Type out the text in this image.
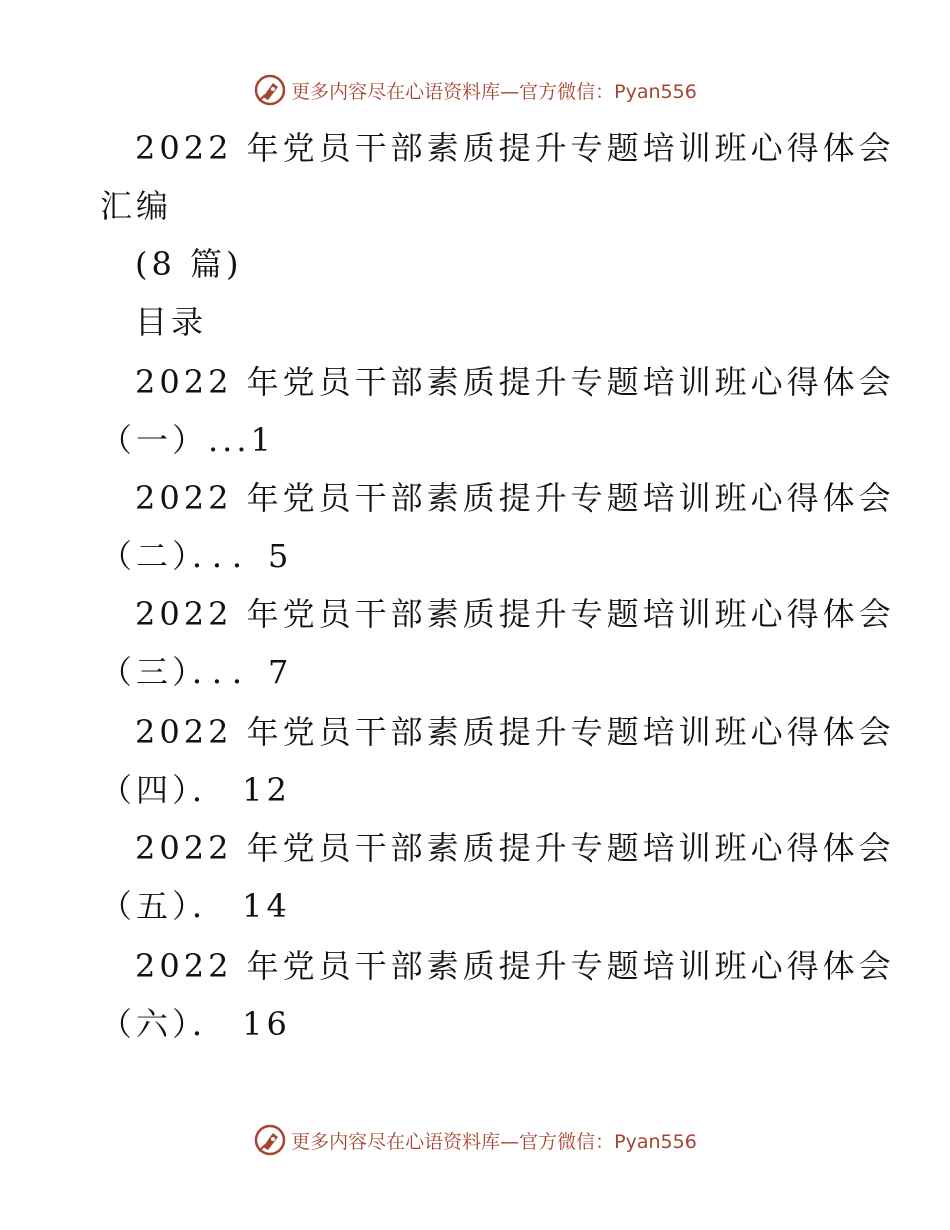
更多内容尽在心语资料库—官方微信：Pyan556
2022 年党员干部素质提升专题培训班心得体会
汇编
(8 篇)
目录
2022 年党员干部素质提升专题培训班心得体会
（一）...1
2022 年党员干部素质提升专题培训班心得体会
（二）．．．5
2022 年党员干部素质提升专题培训班心得体会
（三）．．．7
2022 年党员干部素质提升专题培训班心得体会
（四）． 12
2022 年党员干部素质提升专题培训班心得体会
（五）． 14
2022 年党员干部素质提升专题培训班心得体会
（六）． 16
更多内容尽在心语资料库—官方微信：Pyan556
